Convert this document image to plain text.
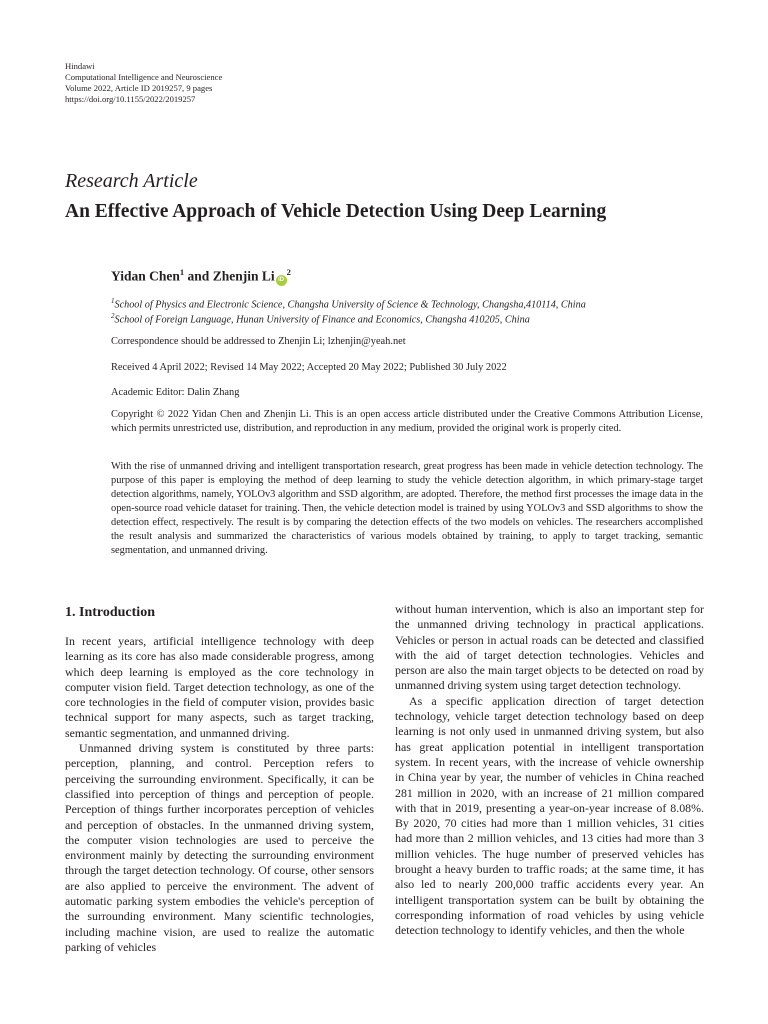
Hindawi
Computational Intelligence and Neuroscience
Volume 2022, Article ID 2019257, 9 pages
https://doi.org/10.1155/2022/2019257
Research Article
An Effective Approach of Vehicle Detection Using Deep Learning
Yidan Chen$^1$ and Zhenjin Li $iD^2$
$^1$School of Physics and Electronic Science, Changsha University of Science & Technology, Changsha,410114, China
$^2$School of Foreign Language, Hunan University of Finance and Economics, Changsha 410205, China
Correspondence should be addressed to Zhenjin Li; lzhenjin@yeah.net
Received 4 April 2022; Revised 14 May 2022; Accepted 20 May 2022; Published 30 July 2022
Academic Editor: Dalin Zhang
Copyright © 2022 Yidan Chen and Zhenjin Li. This is an open access article distributed under the Creative Commons Attribution License, which permits unrestricted use, distribution, and reproduction in any medium, provided the original work is properly cited.
With the rise of unmanned driving and intelligent transportation research, great progress has been made in vehicle detection technology. The purpose of this paper is employing the method of deep learning to study the vehicle detection algorithm, in which primary-stage target detection algorithms, namely, YOLOv3 algorithm and SSD algorithm, are adopted. Therefore, the method first processes the image data in the open-source road vehicle dataset for training. Then, the vehicle detection model is trained by using YOLOv3 and SSD algorithms to show the detection effect, respectively. The result is by comparing the detection effects of the two models on vehicles. The researchers accomplished the result analysis and summarized the characteristics of various models obtained by training, to apply to target tracking, semantic segmentation, and unmanned driving.
1. Introduction

In recent years, artificial intelligence technology with deep learning as its core has also made considerable progress, among which deep learning is employed as the core technology in computer vision field. Target detection technology, as one of the core technologies in the field of computer vision, provides basic technical support for many aspects, such as target tracking, semantic segmentation, and unmanned driving.

Unmanned driving system is constituted by three parts: perception, planning, and control. Perception refers to perceiving the surrounding environment. Specifically, it can be classified into perception of things and perception of people. Perception of things further incorporates perception of vehicles and perception of obstacles. In the unmanned driving system, the computer vision technologies are used to perceive the environment mainly by detecting the surrounding environment through the target detection technology. Of course, other sensors are also applied to perceive the environment. The advent of automatic parking system embodies the vehicle's perception of the surrounding environment. Many scientific technologies, including machine vision, are used to realize the automatic parking of vehicles

without human intervention, which is also an important step for the unmanned driving technology in practical applications. Vehicles or person in actual roads can be detected and classified with the aid of target detection technologies. Vehicles and person are also the main target objects to be detected on road by unmanned driving system using target detection technology.

As a specific application direction of target detection technology, vehicle target detection technology based on deep learning is not only used in unmanned driving system, but also has great application potential in intelligent transportation system. In recent years, with the increase of vehicle ownership in China year by year, the number of vehicles in China reached 281 million in 2020, with an increase of 21 million compared with that in 2019, presenting a year-on-year increase of 8.08%. By 2020, 70 cities had more than 1 million vehicles, 31 cities had more than 2 million vehicles, and 13 cities had more than 3 million vehicles. The huge number of preserved vehicles has brought a heavy burden to traffic roads; at the same time, it has also led to nearly 200,000 traffic accidents every year. An intelligent transportation system can be built by obtaining the corresponding information of road vehicles by using vehicle detection technology to identify vehicles, and then the whole
